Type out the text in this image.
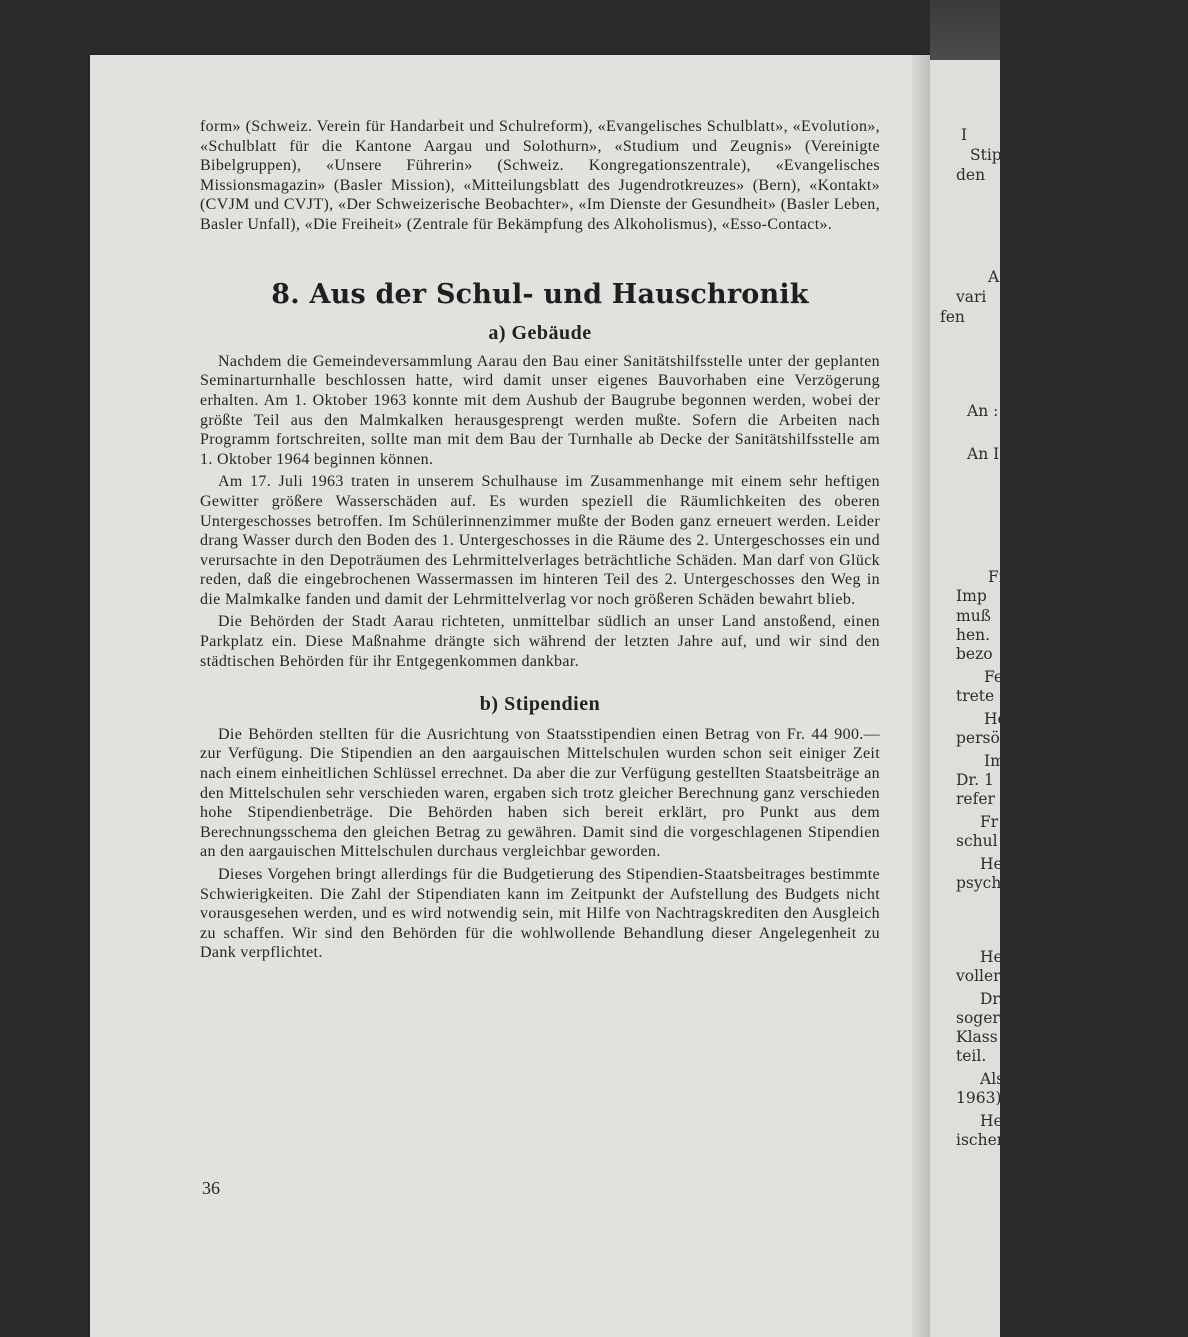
I
Stip
den
A
vari
fen
An :
An I
Fi
Imp
muß
hen.
bezo
Fe
trete
He
persö
Im
Dr. 1
refer
Fr
schul
He
psych
He
voller
Dr.
soger
Klass
teil.
Als
1963)
He
ischer

form» (Schweiz. Verein für Handarbeit und Schulreform), «Evangelisches Schulblatt», «Evolution», «Schulblatt für die Kantone Aargau und Solothurn», «Studium und Zeugnis» (Vereinigte Bibelgruppen), «Unsere Führerin» (Schweiz. Kongregationszentrale), «Evangelisches Missionsmagazin» (Basler Mission), «Mitteilungsblatt des Jugendrotkreuzes» (Bern), «Kontakt» (CVJM und CVJT), «Der Schweizerische Beobachter», «Im Dienste der Gesundheit» (Basler Leben, Basler Unfall), «Die Freiheit» (Zentrale für Bekämpfung des Alkoholismus), «Esso-Contact».

8. Aus der Schul- und Hauschronik
a) Gebäude

Nachdem die Gemeindeversammlung Aarau den Bau einer Sanitätshilfsstelle unter der geplanten Seminarturnhalle beschlossen hatte, wird damit unser eigenes Bauvorhaben eine Verzögerung erhalten. Am 1. Oktober 1963 konnte mit dem Aushub der Baugrube begonnen werden, wobei der größte Teil aus den Malmkalken herausgesprengt werden mußte. Sofern die Arbeiten nach Programm fortschreiten, sollte man mit dem Bau der Turnhalle ab Decke der Sanitätshilfsstelle am 1. Oktober 1964 beginnen können.

Am 17. Juli 1963 traten in unserem Schulhause im Zusammenhange mit einem sehr heftigen Gewitter größere Wasserschäden auf. Es wurden speziell die Räumlichkeiten des oberen Untergeschosses betroffen. Im Schülerinnenzimmer mußte der Boden ganz erneuert werden. Leider drang Wasser durch den Boden des 1. Untergeschosses in die Räume des 2. Untergeschosses ein und verursachte in den Depoträumen des Lehrmittelverlages beträchtliche Schäden. Man darf von Glück reden, daß die eingebrochenen Wassermassen im hinteren Teil des 2. Untergeschosses den Weg in die Malmkalke fanden und damit der Lehrmittelverlag vor noch größeren Schäden bewahrt blieb.

Die Behörden der Stadt Aarau richteten, unmittelbar südlich an unser Land anstoßend, einen Parkplatz ein. Diese Maßnahme drängte sich während der letzten Jahre auf, und wir sind den städtischen Behörden für ihr Entgegenkommen dankbar.

b) Stipendien

Die Behörden stellten für die Ausrichtung von Staatsstipendien einen Betrag von Fr. 44 900.— zur Verfügung. Die Stipendien an den aargauischen Mittelschulen wurden schon seit einiger Zeit nach einem einheitlichen Schlüssel errechnet. Da aber die zur Verfügung gestellten Staatsbeiträge an den Mittelschulen sehr verschieden waren, ergaben sich trotz gleicher Berechnung ganz verschieden hohe Stipendienbeträge. Die Behörden haben sich bereit erklärt, pro Punkt aus dem Berechnungsschema den gleichen Betrag zu gewähren. Damit sind die vorgeschlagenen Stipendien an den aargauischen Mittelschulen durchaus vergleichbar geworden.

Dieses Vorgehen bringt allerdings für die Budgetierung des Stipendien-Staatsbeitrages bestimmte Schwierigkeiten. Die Zahl der Stipendiaten kann im Zeitpunkt der Aufstellung des Budgets nicht vorausgesehen werden, und es wird notwendig sein, mit Hilfe von Nachtragskrediten den Ausgleich zu schaffen. Wir sind den Behörden für die wohlwollende Behandlung dieser Angelegenheit zu Dank verpflichtet.

36
